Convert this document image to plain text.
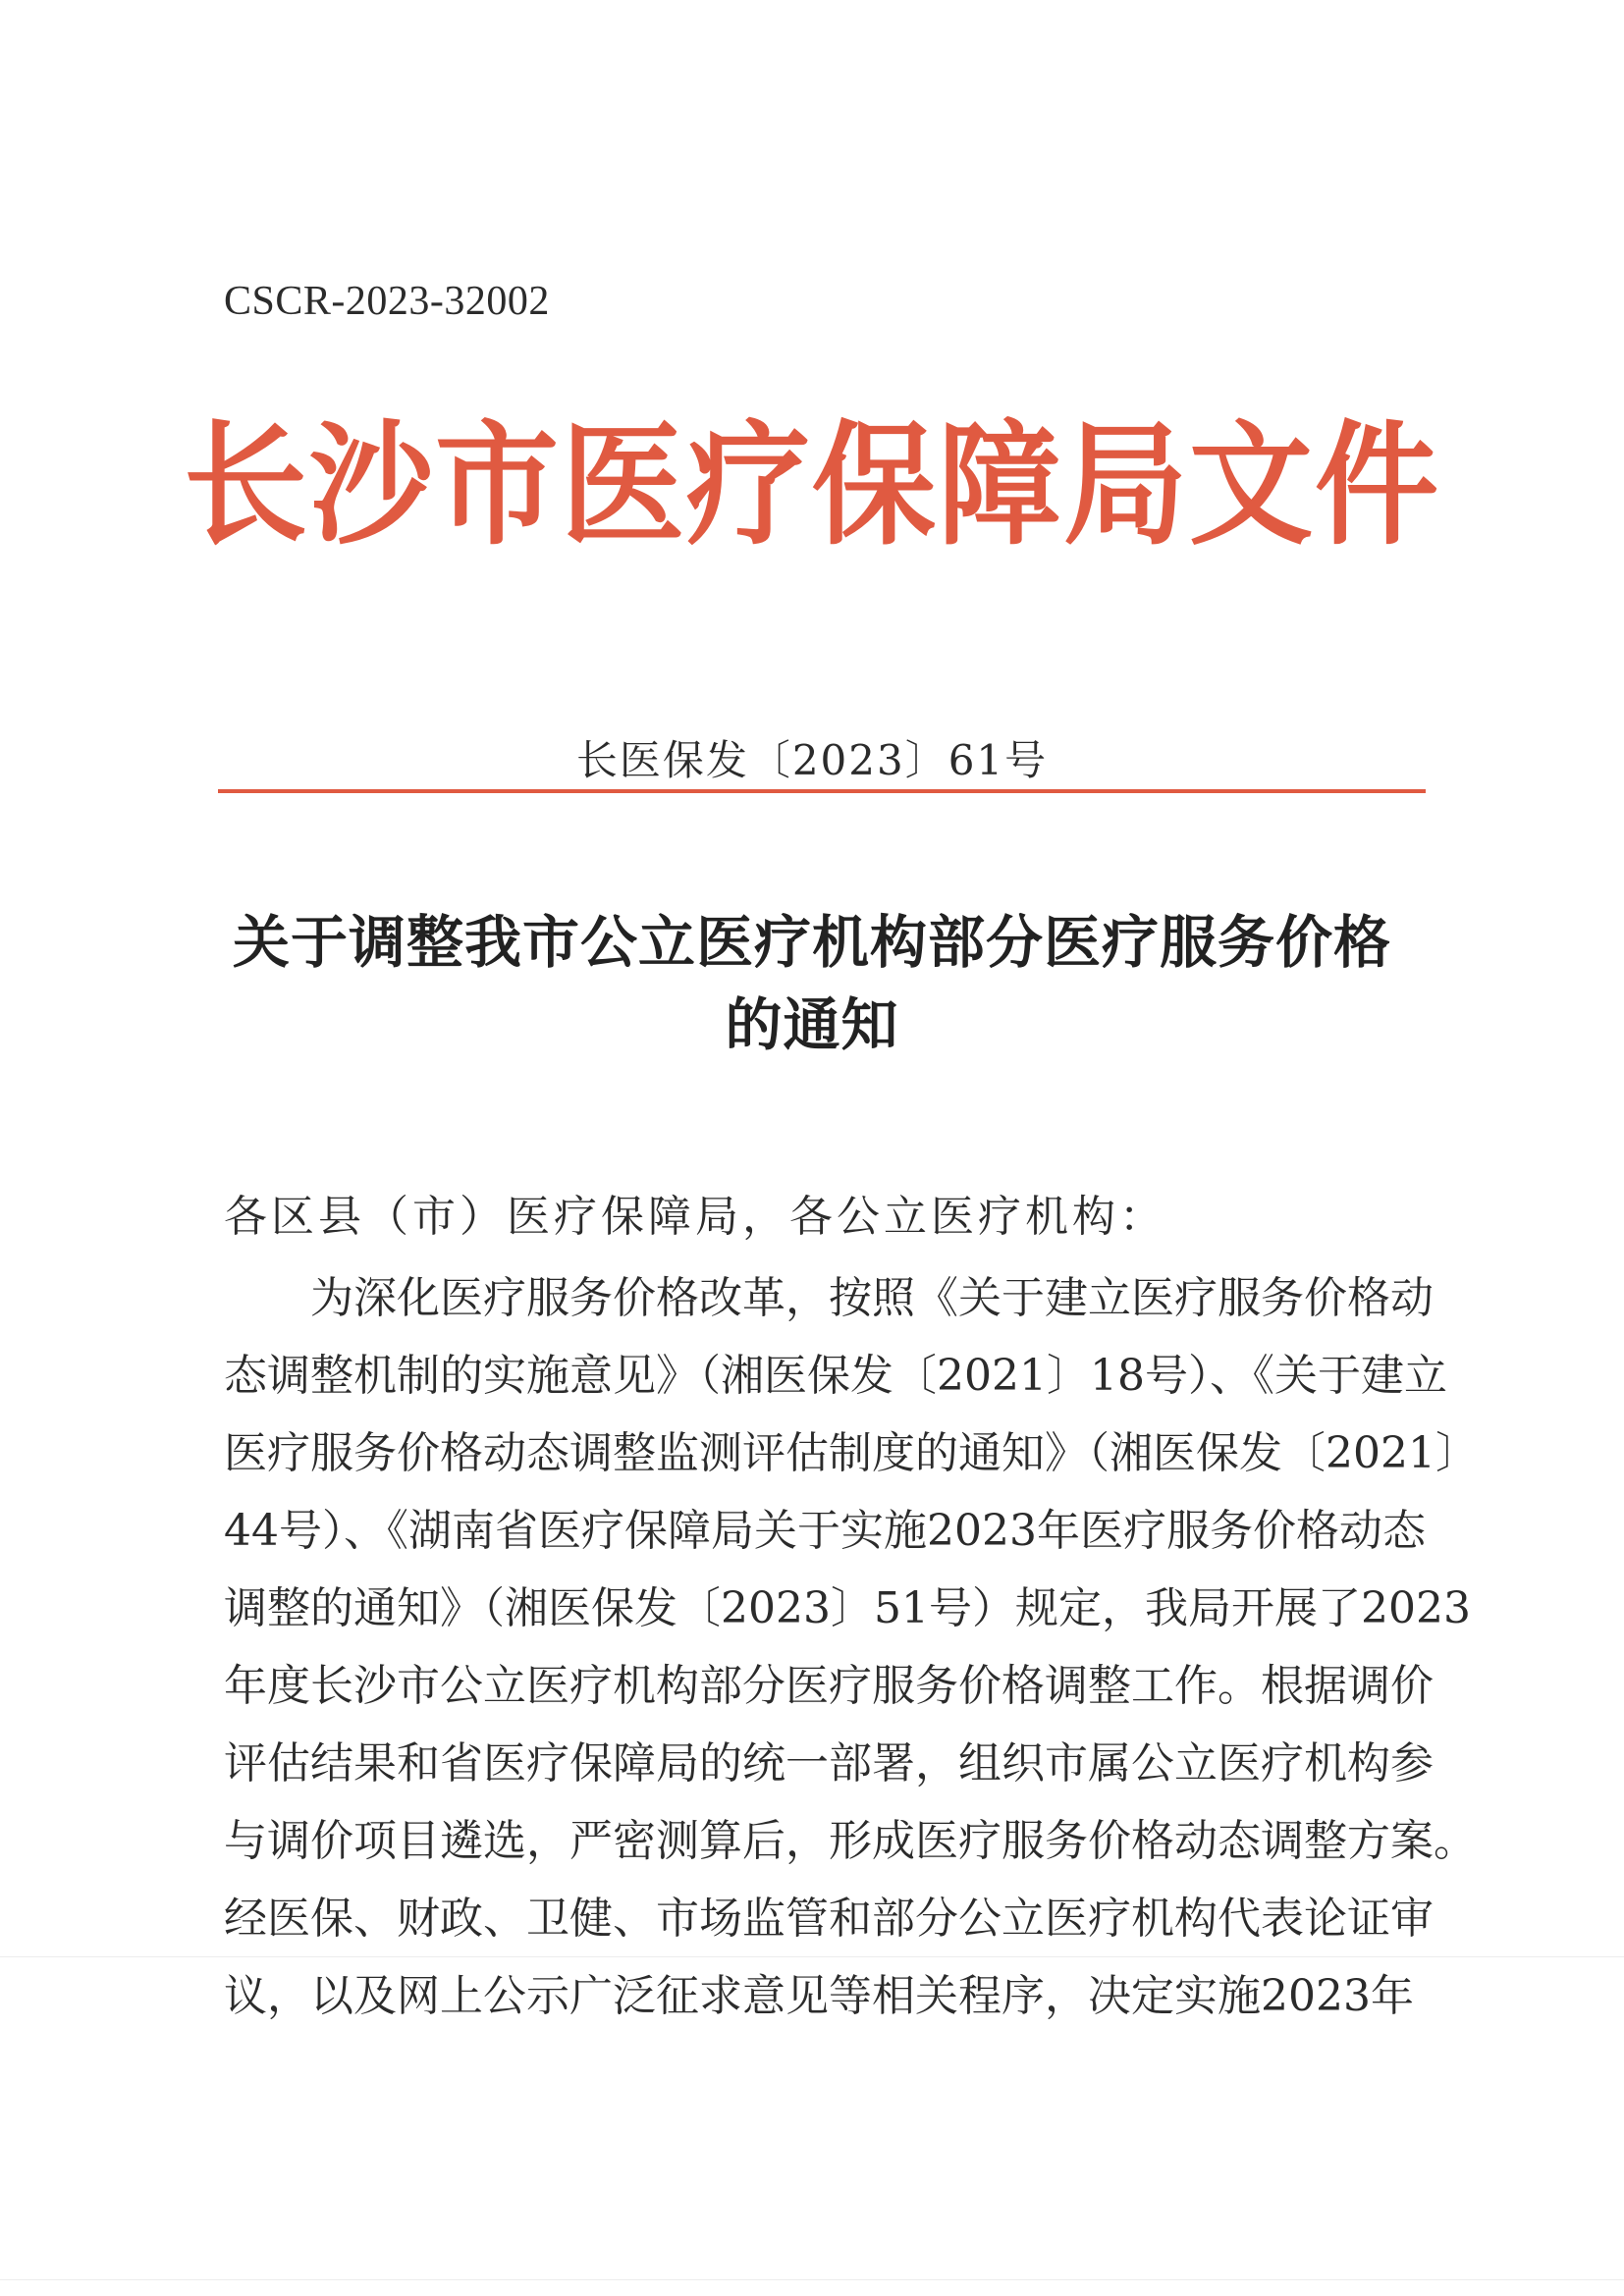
CSCR-2023-32002
长沙市医疗保障局文件
长医保发〔2023〕61号
关于调整我市公立医疗机构部分医疗服务价格
的通知
各区县（市）医疗保障局，各公立医疗机构：
为深化医疗服务价格改革，按照《关于建立医疗服务价格动
态调整机制的实施意见》（湘医保发〔2021〕18号）、《关于建立
医疗服务价格动态调整监测评估制度的通知》（湘医保发〔2021〕
44号）、《湖南省医疗保障局关于实施2023年医疗服务价格动态
调整的通知》（湘医保发〔2023〕51号）规定，我局开展了2023
年度长沙市公立医疗机构部分医疗服务价格调整工作。根据调价
评估结果和省医疗保障局的统一部署，组织市属公立医疗机构参
与调价项目遴选，严密测算后，形成医疗服务价格动态调整方案。
经医保、财政、卫健、市场监管和部分公立医疗机构代表论证审
议，以及网上公示广泛征求意见等相关程序，决定实施2023年
